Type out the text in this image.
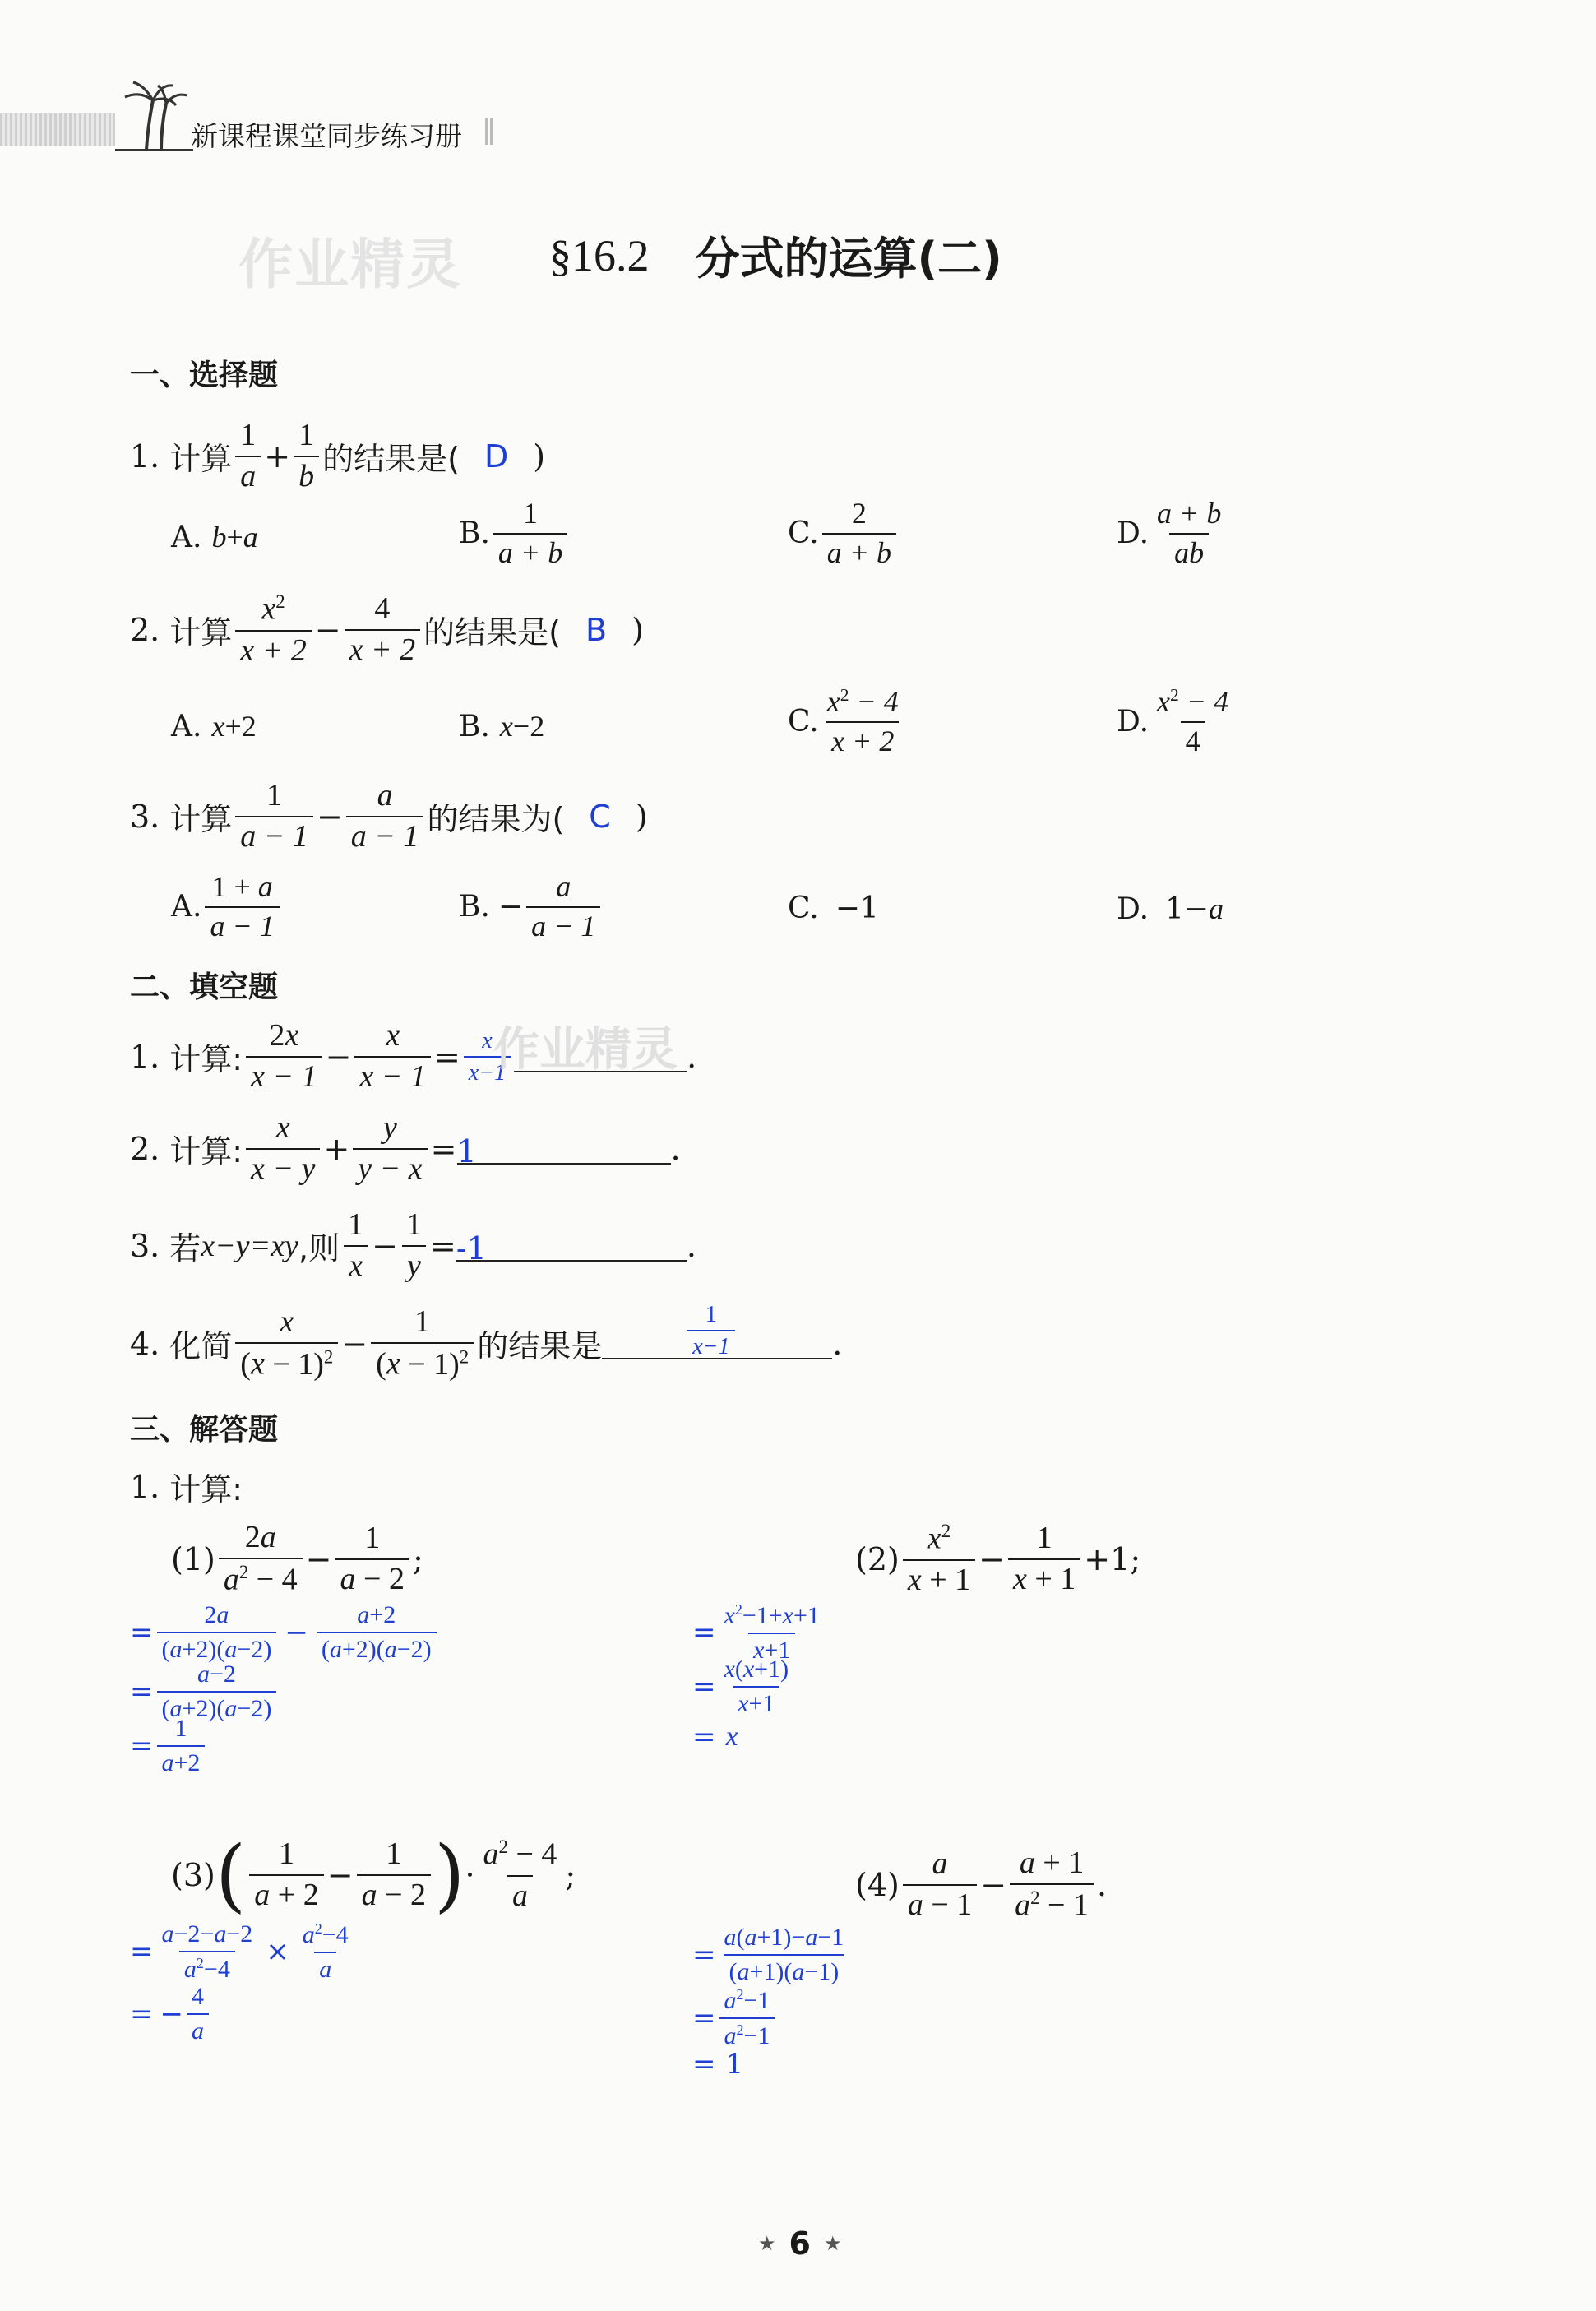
新课程课堂同步练习册
作业精灵 §16.2 分式的运算(二)
一、选择题
1. 计算 $\frac{1}{a} + \frac{1}{b}$ 的结果是( D )
A. b+a	B. $\frac{1}{a + b}$	C. $\frac{2}{a + b}$	D. $\frac{a + b}{ab}$
2. 计算 $\frac{x^2}{x + 2} - \frac{4}{x + 2}$ 的结果是( B )
A. x+2	B. x−2	C. $\frac{x^2 - 4}{x + 2}$	D. $\frac{x^2 - 4}{4}$
3. 计算 $\frac{1}{a - 1} - \frac{a}{a - 1}$ 的结果为( C )
A. $\frac{1 + a}{a - 1}$	B. − $\frac{a}{a - 1}$	C. −1	D. 1−a
二、填空题
1. 计算: $\frac{2x}{x - 1} - \frac{x}{x - 1} = \frac{x}{x-1}$	.
作业精灵
2. 计算: $\frac{x}{x - y} + \frac{y}{y - x} = 1$	.
3. 若 x−y=xy ,则 $\frac{1}{x} - \frac{1}{y} = -1$	.
4. 化简 $\frac{x}{(x - 1)^2} - \frac{1}{(x - 1)^2}$ 的结果是	$\frac{1}{x-1}$	.
三、解答题
1. 计算:
$(1) \frac{2a}{a^2 - 4} - \frac{1}{a - 2}$ ;
= $\frac{2a}{(a+2)(a-2)} - \frac{a+2}{(a+2)(a-2)}$
= $\frac{a-2}{(a+2)(a-2)}$
= $\frac{1}{a+2}$
$(2) \frac{x^2}{x + 1} - \frac{1}{x + 1} +1$;
= $\frac{x^2-1+x+1}{x+1}$
= $\frac{x(x+1)}{x+1}$
= x
(3) ( $\frac{1}{a + 2} - \frac{1}{a - 2}$ ) · $\frac{a^2 - 4}{a}$ ;
= $\frac{a-2-a-2}{a^2-4} \times \frac{a^2-4}{a}$
= − $\frac{4}{a}$
$(4) \frac{a}{a - 1} - \frac{a + 1}{a^2 - 1}$ .
= $\frac{a(a+1)-a-1}{(a+1)(a-1)}$
= $\frac{a^2-1}{a^2-1}$
= 1
★ 6 ★
